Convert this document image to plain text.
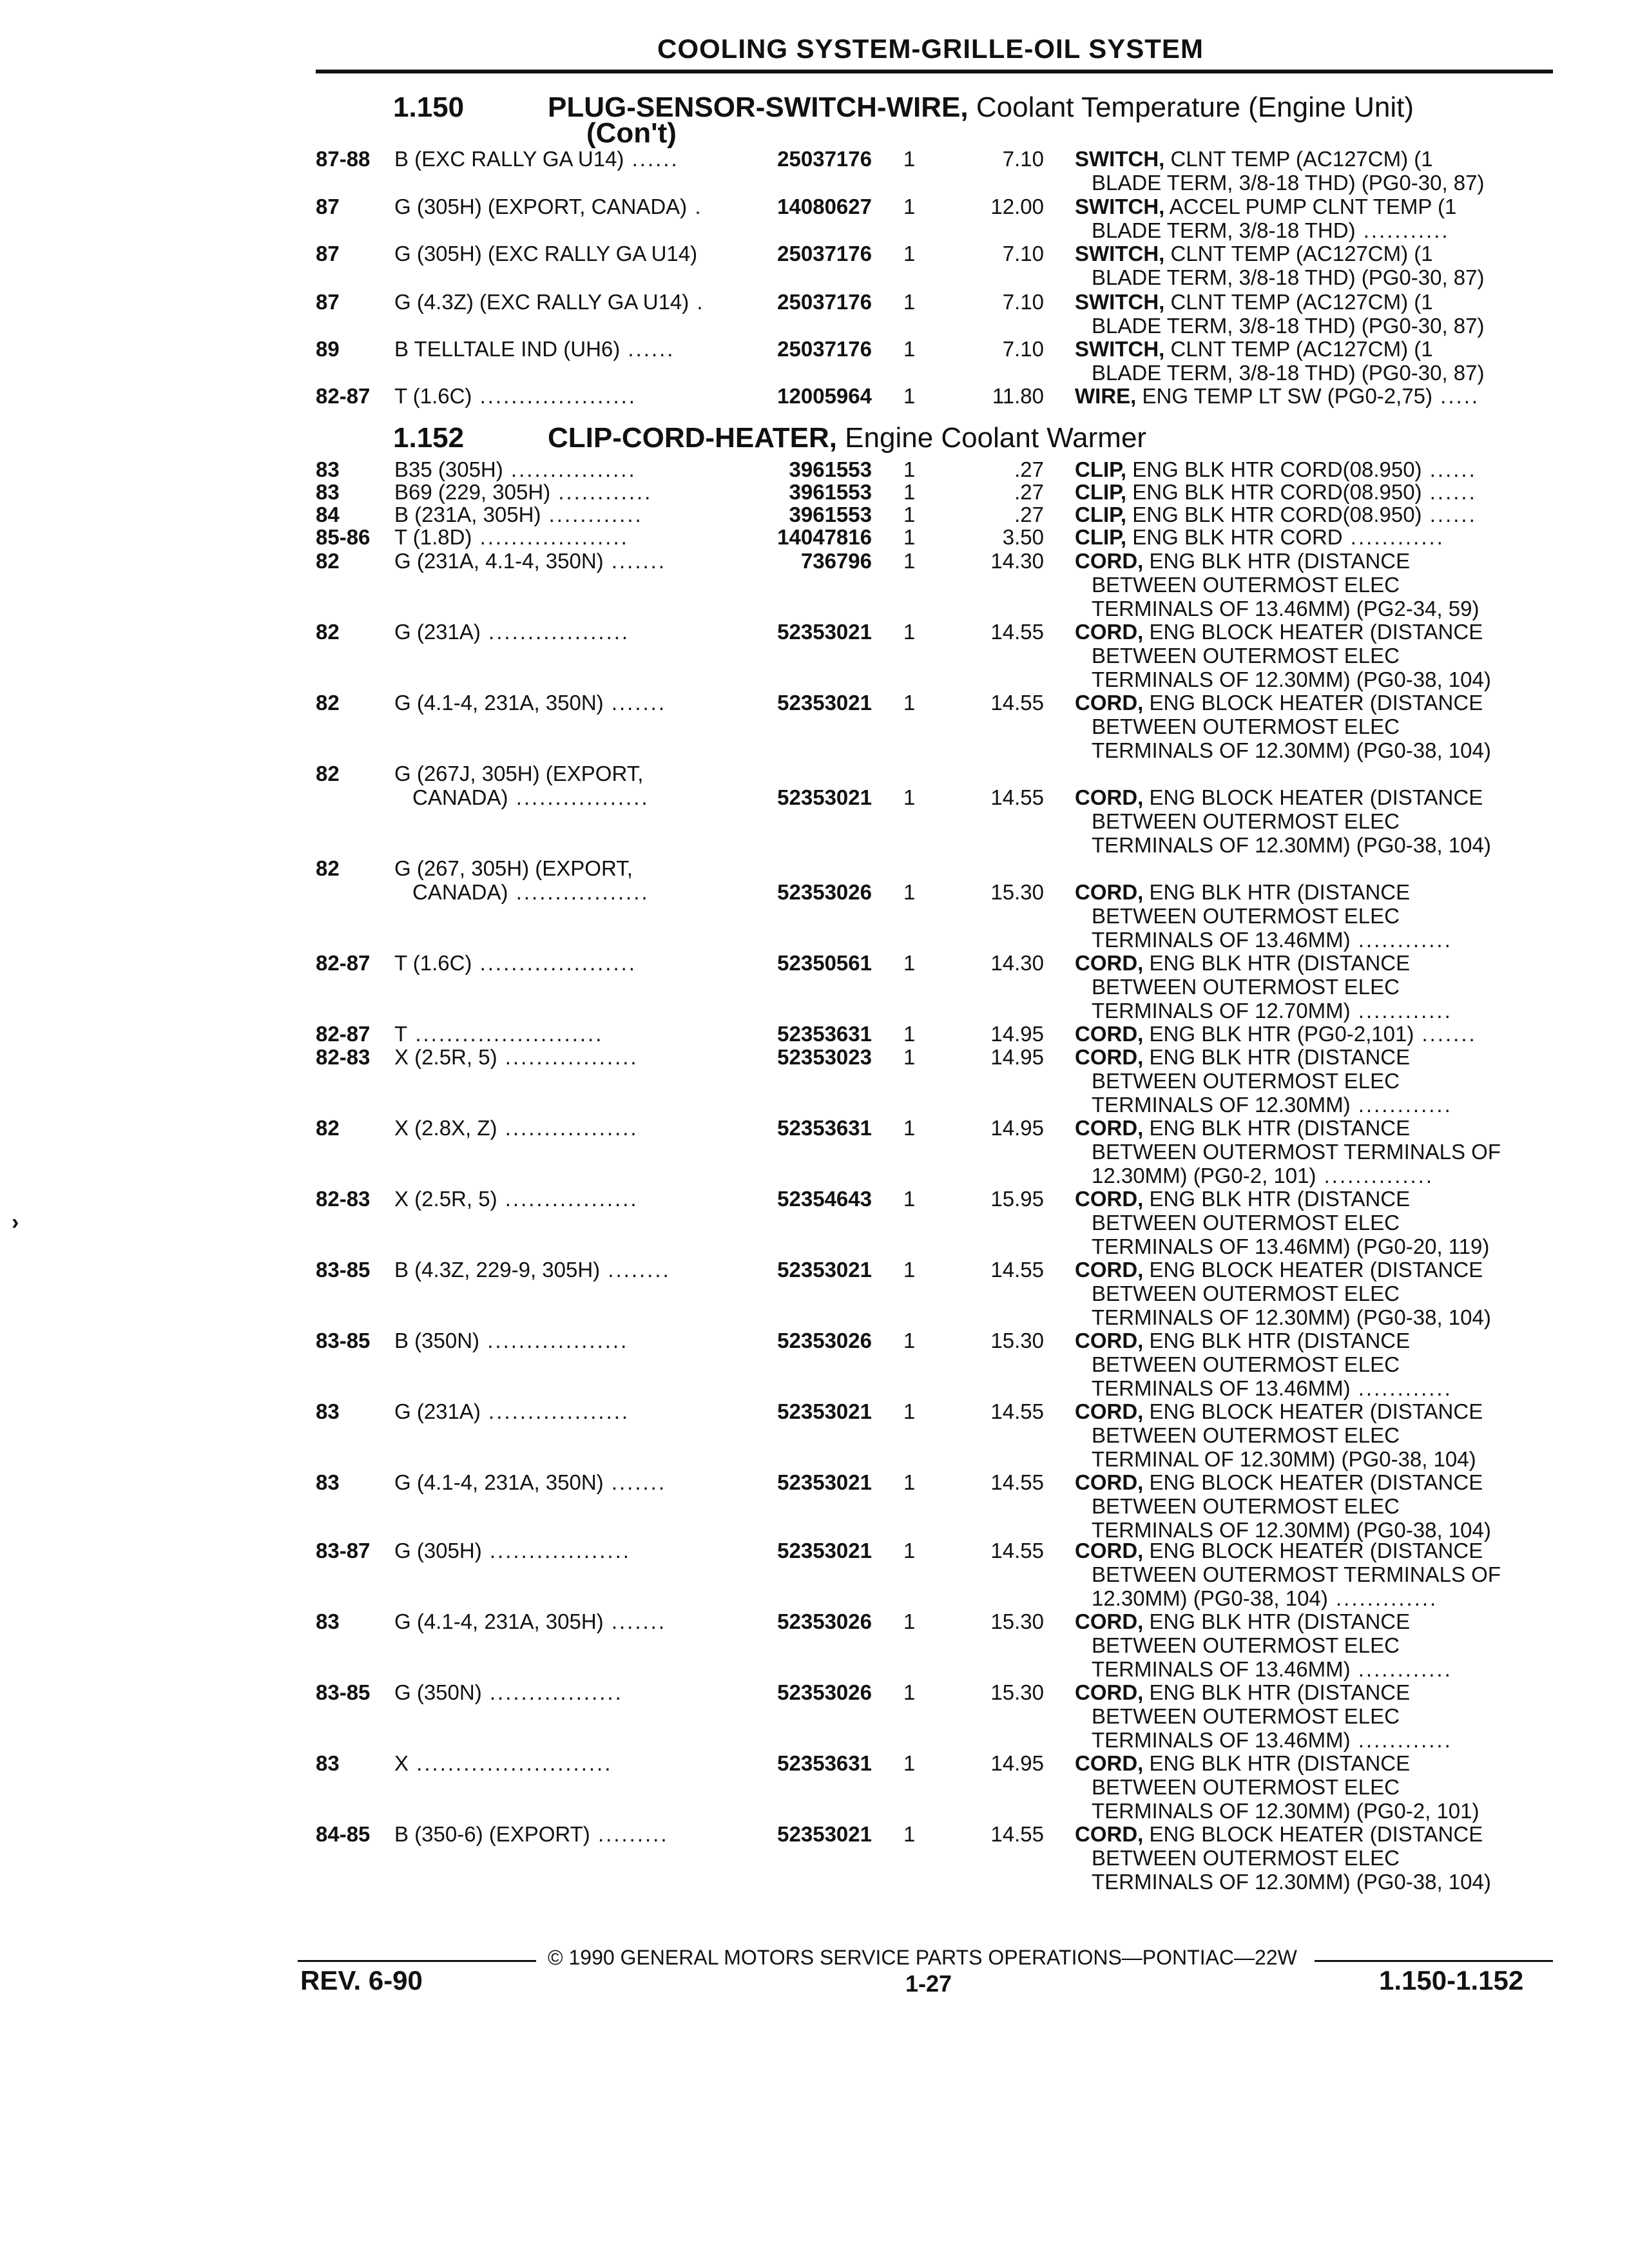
COOLING SYSTEM-GRILLE-OIL SYSTEM
›
1.150	PLUG-SENSOR-SWITCH-WIRE, Coolant Temperature (Engine Unit)
(Con't)
1.152	CLIP-CORD-HEATER, Engine Coolant Warmer
87-88 B (EXC RALLY GA U14) ......	25037176 1	7.10 SWITCH, CLNT TEMP (AC127CM) (1
BLADE TERM, 3/8-18 THD) (PG0-30, 87)
87	G (305H) (EXPORT, CANADA) .	14080627 1	12.00 SWITCH, ACCEL PUMP CLNT TEMP (1
BLADE TERM, 3/8-18 THD) ...........
87	G (305H) (EXC RALLY GA U14)	25037176 1	7.10 SWITCH, CLNT TEMP (AC127CM) (1
BLADE TERM, 3/8-18 THD) (PG0-30, 87)
87	G (4.3Z) (EXC RALLY GA U14) .	25037176 1	7.10 SWITCH, CLNT TEMP (AC127CM) (1
BLADE TERM, 3/8-18 THD) (PG0-30, 87)
89	B TELLTALE IND (UH6) ......	25037176 1	7.10 SWITCH, CLNT TEMP (AC127CM) (1
BLADE TERM, 3/8-18 THD) (PG0-30, 87)
82-87 T (1.6C) ....................	12005964 1	11.80 WIRE, ENG TEMP LT SW (PG0-2,75) .....
83	B35 (305H) ................	3961553 1	.27 CLIP, ENG BLK HTR CORD(08.950) ......
83	B69 (229, 305H) ............	3961553 1	.27 CLIP, ENG BLK HTR CORD(08.950) ......
84	B (231A, 305H) ............	3961553 1	.27 CLIP, ENG BLK HTR CORD(08.950) ......
85-86 T (1.8D) ...................	14047816 1	3.50 CLIP, ENG BLK HTR CORD ............
82	G (231A, 4.1-4, 350N) .......	736796 1	14.30 CORD, ENG BLK HTR (DISTANCE
BETWEEN OUTERMOST ELEC
TERMINALS OF 13.46MM) (PG2-34, 59)
82	G (231A) ..................	52353021 1	14.55 CORD, ENG BLOCK HEATER (DISTANCE
BETWEEN OUTERMOST ELEC
TERMINALS OF 12.30MM) (PG0-38, 104)
82	G (4.1-4, 231A, 350N) .......	52353021 1	14.55 CORD, ENG BLOCK HEATER (DISTANCE
BETWEEN OUTERMOST ELEC
TERMINALS OF 12.30MM) (PG0-38, 104)
82	G (267J, 305H) (EXPORT,
CANADA) .................	52353021 1	14.55 CORD, ENG BLOCK HEATER (DISTANCE
BETWEEN OUTERMOST ELEC
TERMINALS OF 12.30MM) (PG0-38, 104)
82	G (267, 305H) (EXPORT,
CANADA) .................	52353026 1	15.30 CORD, ENG BLK HTR (DISTANCE
BETWEEN OUTERMOST ELEC
TERMINALS OF 13.46MM) ............
82-87 T (1.6C) ....................	52350561 1	14.30 CORD, ENG BLK HTR (DISTANCE
BETWEEN OUTERMOST ELEC
TERMINALS OF 12.70MM) ............
82-87 T ........................	52353631 1	14.95 CORD, ENG BLK HTR (PG0-2,101) .......
82-83 X (2.5R, 5) .................	52353023 1	14.95 CORD, ENG BLK HTR (DISTANCE
BETWEEN OUTERMOST ELEC
TERMINALS OF 12.30MM) ............
82	X (2.8X, Z) .................	52353631 1	14.95 CORD, ENG BLK HTR (DISTANCE
BETWEEN OUTERMOST TERMINALS OF
12.30MM) (PG0-2, 101) ..............
82-83 X (2.5R, 5) .................	52354643 1	15.95 CORD, ENG BLK HTR (DISTANCE
BETWEEN OUTERMOST ELEC
TERMINALS OF 13.46MM) (PG0-20, 119)
83-85 B (4.3Z, 229-9, 305H) ........	52353021 1	14.55 CORD, ENG BLOCK HEATER (DISTANCE
BETWEEN OUTERMOST ELEC
TERMINALS OF 12.30MM) (PG0-38, 104)
83-85 B (350N) ..................	52353026 1	15.30 CORD, ENG BLK HTR (DISTANCE
BETWEEN OUTERMOST ELEC
TERMINALS OF 13.46MM) ............
83	G (231A) ..................	52353021 1	14.55 CORD, ENG BLOCK HEATER (DISTANCE
BETWEEN OUTERMOST ELEC
TERMINAL OF 12.30MM) (PG0-38, 104)
83	G (4.1-4, 231A, 350N) .......	52353021 1	14.55 CORD, ENG BLOCK HEATER (DISTANCE
BETWEEN OUTERMOST ELEC
TERMINALS OF 12.30MM) (PG0-38, 104)
83-87 G (305H) ..................	52353021 1	14.55 CORD, ENG BLOCK HEATER (DISTANCE
BETWEEN OUTERMOST TERMINALS OF
12.30MM) (PG0-38, 104) .............
83	G (4.1-4, 231A, 305H) .......	52353026 1	15.30 CORD, ENG BLK HTR (DISTANCE
BETWEEN OUTERMOST ELEC
TERMINALS OF 13.46MM) ............
83-85 G (350N) .................	52353026 1	15.30 CORD, ENG BLK HTR (DISTANCE
BETWEEN OUTERMOST ELEC
TERMINALS OF 13.46MM) ............
83	X .........................	52353631 1	14.95 CORD, ENG BLK HTR (DISTANCE
BETWEEN OUTERMOST ELEC
TERMINALS OF 12.30MM) (PG0-2, 101)
84-85 B (350-6) (EXPORT) .........	52353021 1	14.55 CORD, ENG BLOCK HEATER (DISTANCE
BETWEEN OUTERMOST ELEC
TERMINALS OF 12.30MM) (PG0-38, 104)
© 1990 GENERAL MOTORS SERVICE PARTS OPERATIONS—PONTIAC—22W
REV. 6-90	1-27	1.150-1.152
